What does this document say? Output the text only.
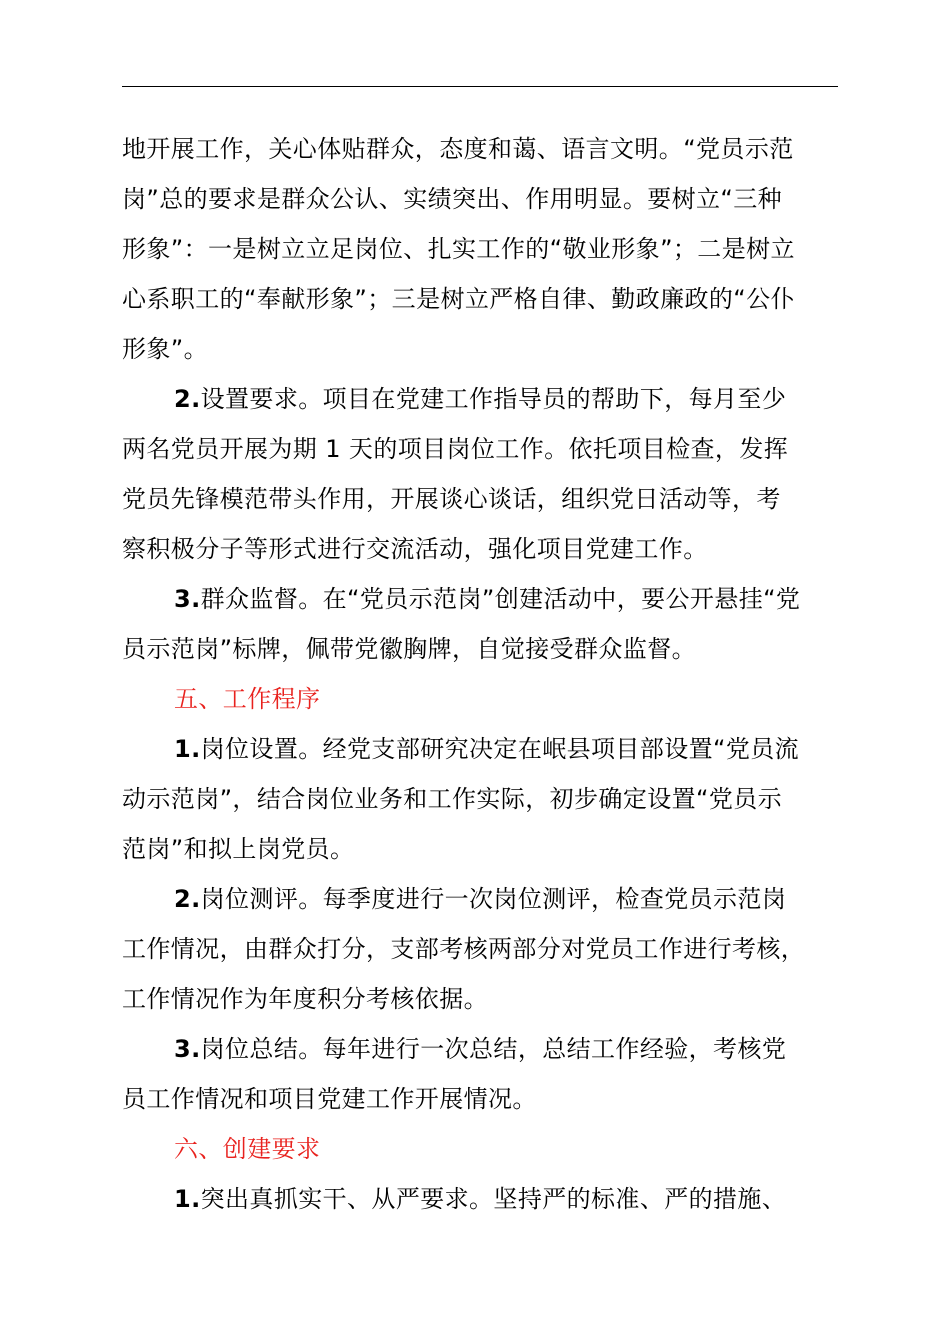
地开展工作，关心体贴群众，态度和蔼、语言文明。“党员示范
岗”总的要求是群众公认、实绩突出、作用明显。要树立“三种
形象”：一是树立立足岗位、扎实工作的“敬业形象”；二是树立
心系职工的“奉献形象”；三是树立严格自律、勤政廉政的“公仆
形象”。
2.设置要求。项目在党建工作指导员的帮助下，每月至少
两名党员开展为期 1 天的项目岗位工作。依托项目检查，发挥
党员先锋模范带头作用，开展谈心谈话，组织党日活动等，考
察积极分子等形式进行交流活动，强化项目党建工作。
3.群众监督。在“党员示范岗”创建活动中，要公开悬挂“党
员示范岗”标牌，佩带党徽胸牌，自觉接受群众监督。
五、工作程序
1.岗位设置。经党支部研究决定在岷县项目部设置“党员流
动示范岗”，结合岗位业务和工作实际，初步确定设置“党员示
范岗”和拟上岗党员。
2.岗位测评。每季度进行一次岗位测评，检查党员示范岗
工作情况，由群众打分，支部考核两部分对党员工作进行考核，
工作情况作为年度积分考核依据。
3.岗位总结。每年进行一次总结，总结工作经验，考核党
员工作情况和项目党建工作开展情况。
六、创建要求
1.突出真抓实干、从严要求。坚持严的标准、严的措施、
